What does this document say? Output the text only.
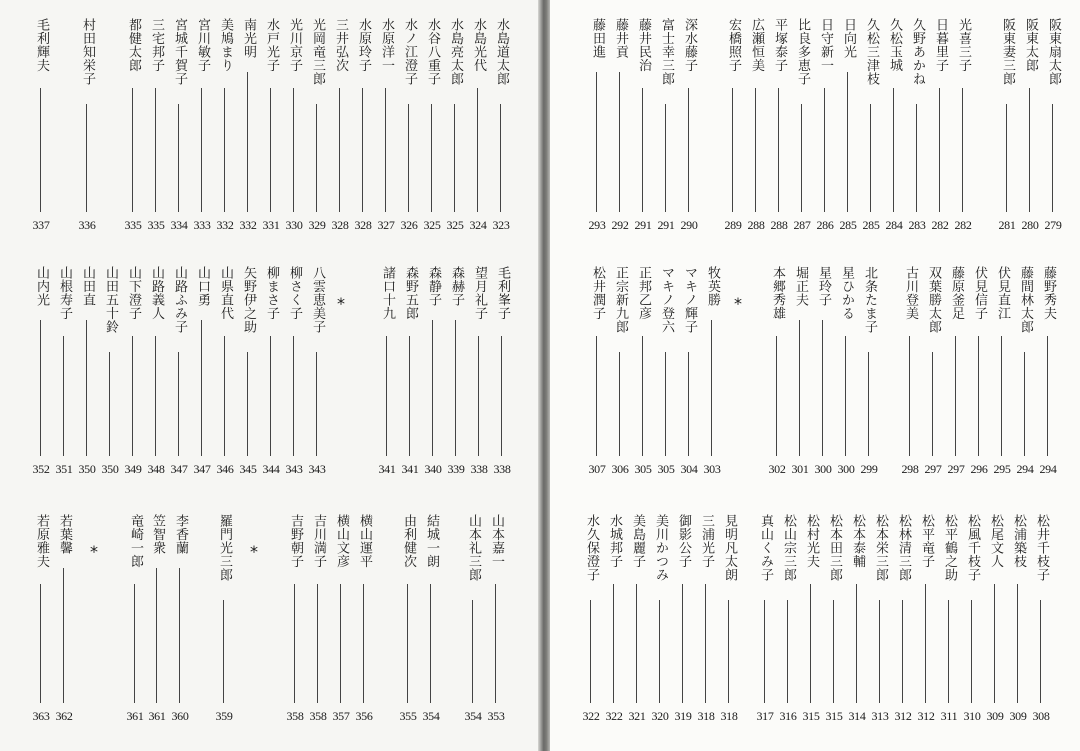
毛利輝夫
337
村田知栄子
336
都健太郎
335
三宅邦子
335
宮城千賀子
334
宮川敏子
333
美鳩まり
332
南光明
332
水戸光子
331
光川京子
330
光岡竜三郎
329
三井弘次
328
水原玲子
328
水原洋一
327
水ノ江澄子
326
水谷八重子
325
水島亮太郎
325
水島光代
324
水島道太郎
323
山内光
352
山根寿子
351
山田直
350
山田五十鈴
350
山下澄子
349
山路義人
348
山路ふみ子
347
山口勇
347
山県直代
346
矢野伊之助
345
柳まさ子
344
柳さく子
343
八雲恵美子
343
*	諸口十九
341
森野五郎
341
森静子
340
森赫子
339
望月礼子
338
毛利峯子
338
若原雅夫
363
若葉馨
362
* 竜崎一郎
361
笠智衆
361
李香蘭
360
羅門光三郎
359
* 吉野朝子
358
吉川満子
358
横山文彦
357
横山運平
356
由利健次
355
結城一朗
354
山本礼三郎
354
山本嘉一
353
藤田進
293
藤井貢
292
藤井民治
291
富士幸三郎
291
深水藤子
290
宏橋照子
289
広瀬恒美
288
平塚泰子
288
比良多恵子
287
日守新一
286
日向光
285
久松三津枝
285
久松玉城
284
久野あかね
283
日暮里子
282
光喜三子
282
阪東妻三郎
281
阪東太郎
280
阪東扇太郎
279
松井潤子
307
正宗新九郎
306
正邦乙彦
305
マキノ登六
305
マキノ輝子
304
牧英勝
303
* 本郷秀雄
302
堀正夫
301
星玲子
300
星ひかる
300
北条たま子
299
古川登美
298
双葉勝太郎
297
藤原釜足
297
伏見信子
296
伏見直江
295
藤間林太郎
294
藤野秀夫
294
水久保澄子
322
水城邦子
322
美島麗子
321
美川かつみ
320
御影公子
319
三浦光子
318
見明凡太朗
318
真山くみ子
317
松山宗三郎
316
松村光夫
315
松本田三郎
315
松本泰輔
314
松本栄三郎
313
松林清三郎
312
松平竜子
312
松平鶴之助
311
松風千枝子
310
松尾文人
309
松浦築枝
309
松井千枝子
308
